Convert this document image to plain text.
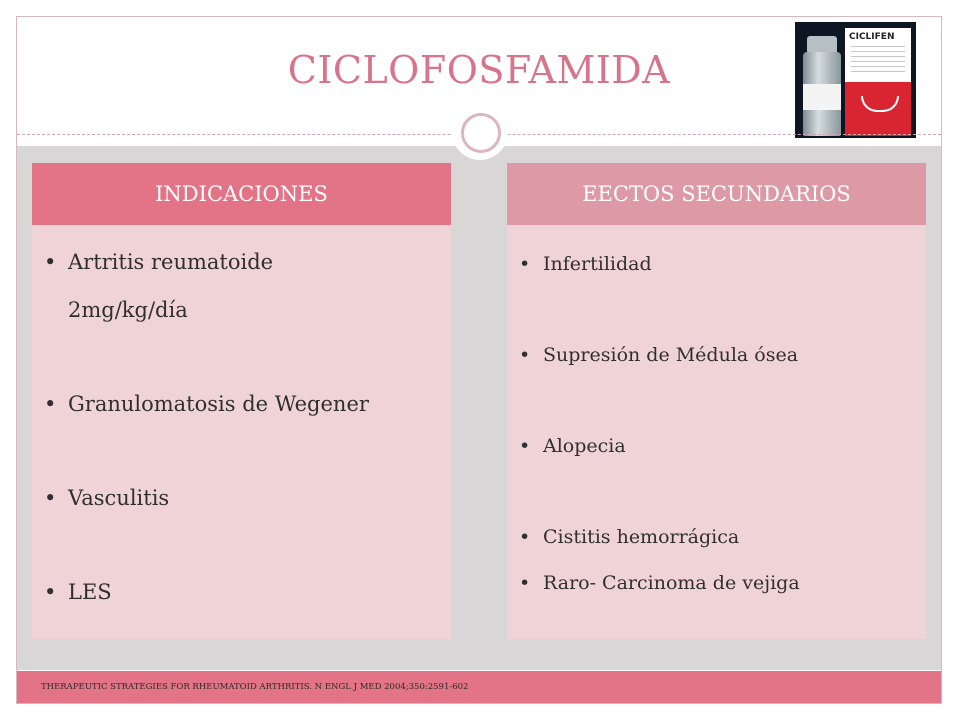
CICLOFOSFAMIDA
CICLIFEN
INDICACIONES
• Artritis reumatoide
2mg/kg/día
• Granulomatosis de Wegener
• Vasculitis
• LES
EECTOS SECUNDARIOS
• Infertilidad
• Supresión de Médula ósea
• Alopecia
• Cistitis hemorrágica
• Raro- Carcinoma de vejiga
THERAPEUTIC STRATEGIES FOR RHEUMATOID ARTHRITIS. N ENGL J MED 2004;350:2591-602
